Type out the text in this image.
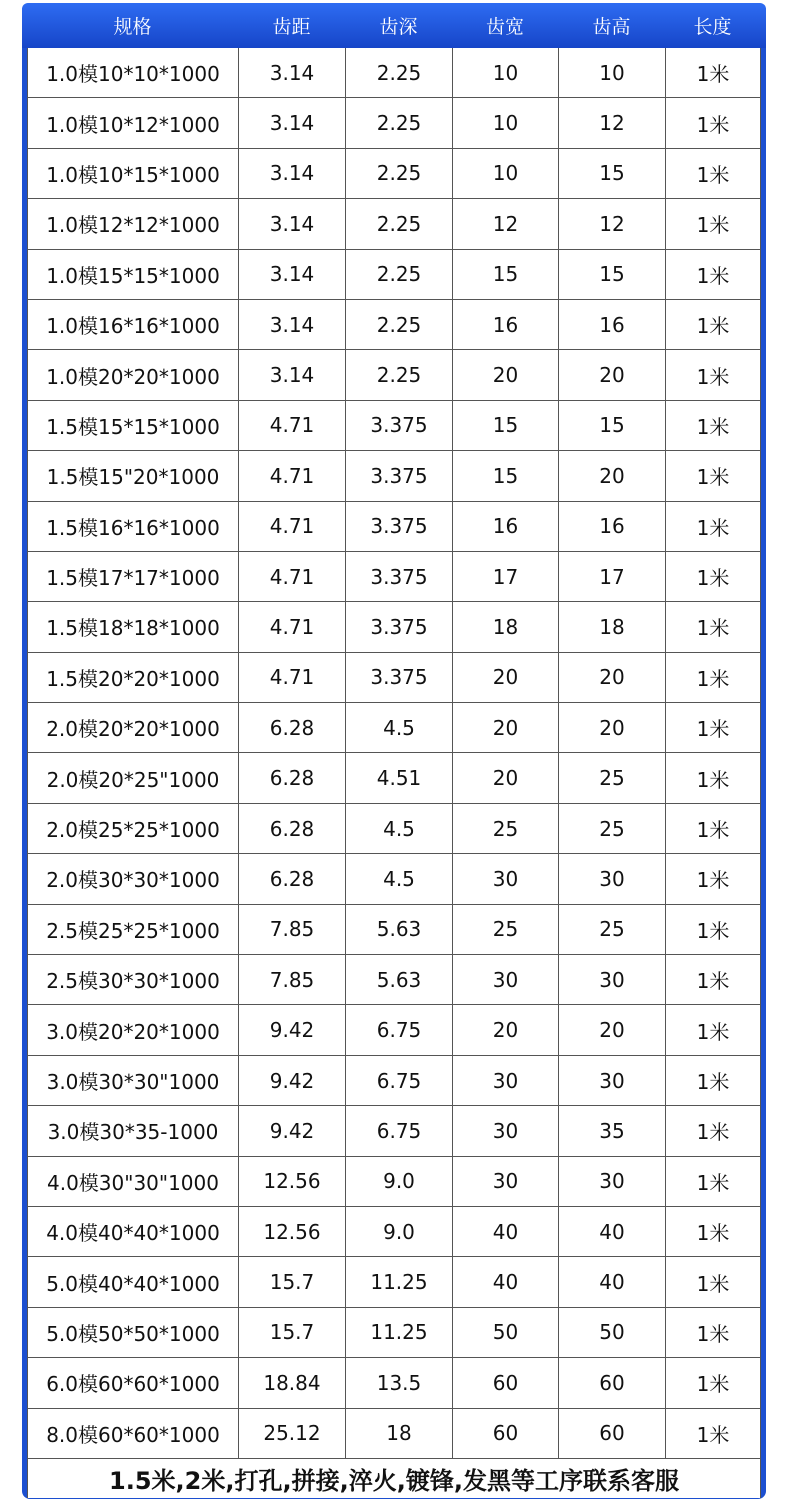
规格	齿距	齿深	齿宽	齿高	长度
1.0模10*10*1000	3.14	2.25	10	10	1米
1.0模10*12*1000	3.14	2.25	10	12	1米
1.0模10*15*1000	3.14	2.25	10	15	1米
1.0模12*12*1000	3.14	2.25	12	12	1米
1.0模15*15*1000	3.14	2.25	15	15	1米
1.0模16*16*1000	3.14	2.25	16	16	1米
1.0模20*20*1000	3.14	2.25	20	20	1米
1.5模15*15*1000	4.71	3.375	15	15	1米
1.5模15"20*1000	4.71	3.375	15	20	1米
1.5模16*16*1000	4.71	3.375	16	16	1米
1.5模17*17*1000	4.71	3.375	17	17	1米
1.5模18*18*1000	4.71	3.375	18	18	1米
1.5模20*20*1000	4.71	3.375	20	20	1米
2.0模20*20*1000	6.28	4.5	20	20	1米
2.0模20*25"1000	6.28	4.51	20	25	1米
2.0模25*25*1000	6.28	4.5	25	25	1米
2.0模30*30*1000	6.28	4.5	30	30	1米
2.5模25*25*1000	7.85	5.63	25	25	1米
2.5模30*30*1000	7.85	5.63	30	30	1米
3.0模20*20*1000	9.42	6.75	20	20	1米
3.0模30*30"1000	9.42	6.75	30	30	1米
3.0模30*35-1000	9.42	6.75	30	35	1米
4.0模30"30"1000	12.56	9.0	30	30	1米
4.0模40*40*1000	12.56	9.0	40	40	1米
5.0模40*40*1000	15.7	11.25	40	40	1米
5.0模50*50*1000	15.7	11.25	50	50	1米
6.0模60*60*1000	18.84	13.5	60	60	1米
8.0模60*60*1000	25.12	18	60	60	1米
1.5米,2米,打孔,拼接,淬火,镀锋,发黑等工序联系客服
